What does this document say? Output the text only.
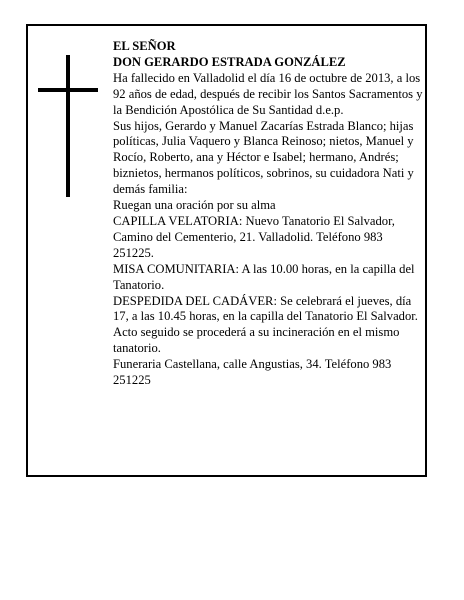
EL SEÑOR

DON GERARDO ESTRADA GONZÁLEZ

Ha fallecido en Valladolid el día 16 de octubre de 2013, a los 92 años de edad, después de recibir los Santos Sacramentos y la Bendición Apostólica de Su Santidad d.e.p.

Sus hijos, Gerardo y Manuel Zacarías Estrada Blanco; hijas políticas, Julia Vaquero y Blanca Reinoso; nietos, Manuel y Rocío, Roberto, ana y Héctor e Isabel; hermano, Andrés; biznietos, hermanos políticos, sobrinos, su cuidadora Nati y demás familia:

Ruegan una oración por su alma

CAPILLA VELATORIA: Nuevo Tanatorio El Salvador, Camino del Cementerio, 21. Valladolid. Teléfono 983 251225.

MISA COMUNITARIA: A las 10.00 horas, en la capilla del Tanatorio.

DESPEDIDA DEL CADÁVER: Se celebrará el jueves, día 17, a las 10.45 horas, en la capilla del Tanatorio El Salvador. Acto seguido se procederá a su incineración en el mismo tanatorio.

Funeraria Castellana, calle Angustias, 34. Teléfono 983 251225
